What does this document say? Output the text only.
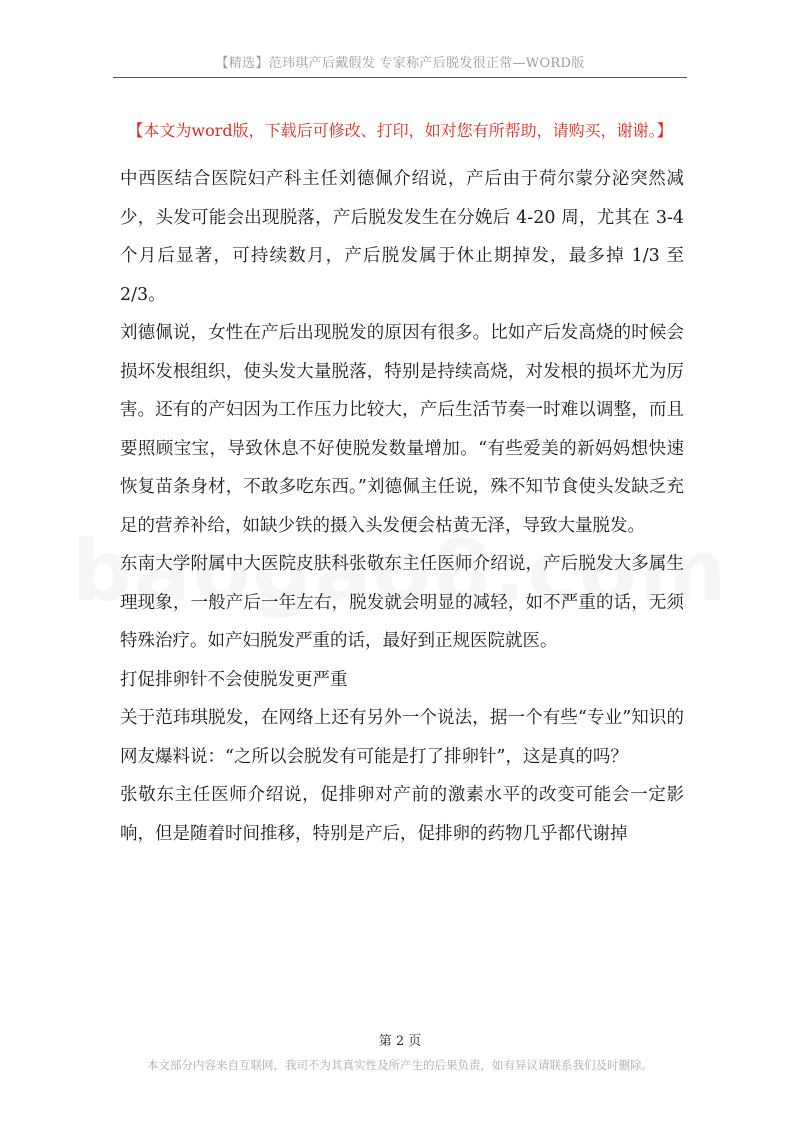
【精选】范玮琪产后戴假发 专家称产后脱发很正常—WORD版
【本文为word版，下载后可修改、打印，如对您有所帮助，请购买，谢谢。】

中西医结合医院妇产科主任刘德佩介绍说，产后由于荷尔蒙分泌突然减少，头发可能会出现脱落，产后脱发发生在分娩后 4-20 周，尤其在 3-4 个月后显著，可持续数月，产后脱发属于休止期掉发，最多掉 1/3 至 2/3。

刘德佩说，女性在产后出现脱发的原因有很多。比如产后发高烧的时候会损坏发根组织，使头发大量脱落，特别是持续高烧，对发根的损坏尤为厉害。还有的产妇因为工作压力比较大，产后生活节奏一时难以调整，而且要照顾宝宝，导致休息不好使脱发数量增加。“有些爱美的新妈妈想快速恢复苗条身材，不敢多吃东西。”刘德佩主任说，殊不知节食使头发缺乏充足的营养补给，如缺少铁的摄入头发便会枯黄无泽，导致大量脱发。

东南大学附属中大医院皮肤科张敬东主任医师介绍说，产后脱发大多属生理现象，一般产后一年左右，脱发就会明显的减轻，如不严重的话，无须特殊治疗。如产妇脱发严重的话，最好到正规医院就医。

打促排卵针不会使脱发更严重

关于范玮琪脱发，在网络上还有另外一个说法，据一个有些“专业”知识的网友爆料说：“之所以会脱发有可能是打了排卵针”，这是真的吗？

张敬东主任医师介绍说，促排卵对产前的激素水平的改变可能会一定影响，但是随着时间推移，特别是产后，促排卵的药物几乎都代谢掉

第 2 页
本文部分内容来自互联网，我司不为其真实性及所产生的后果负责，如有异议请联系我们及时删除。
